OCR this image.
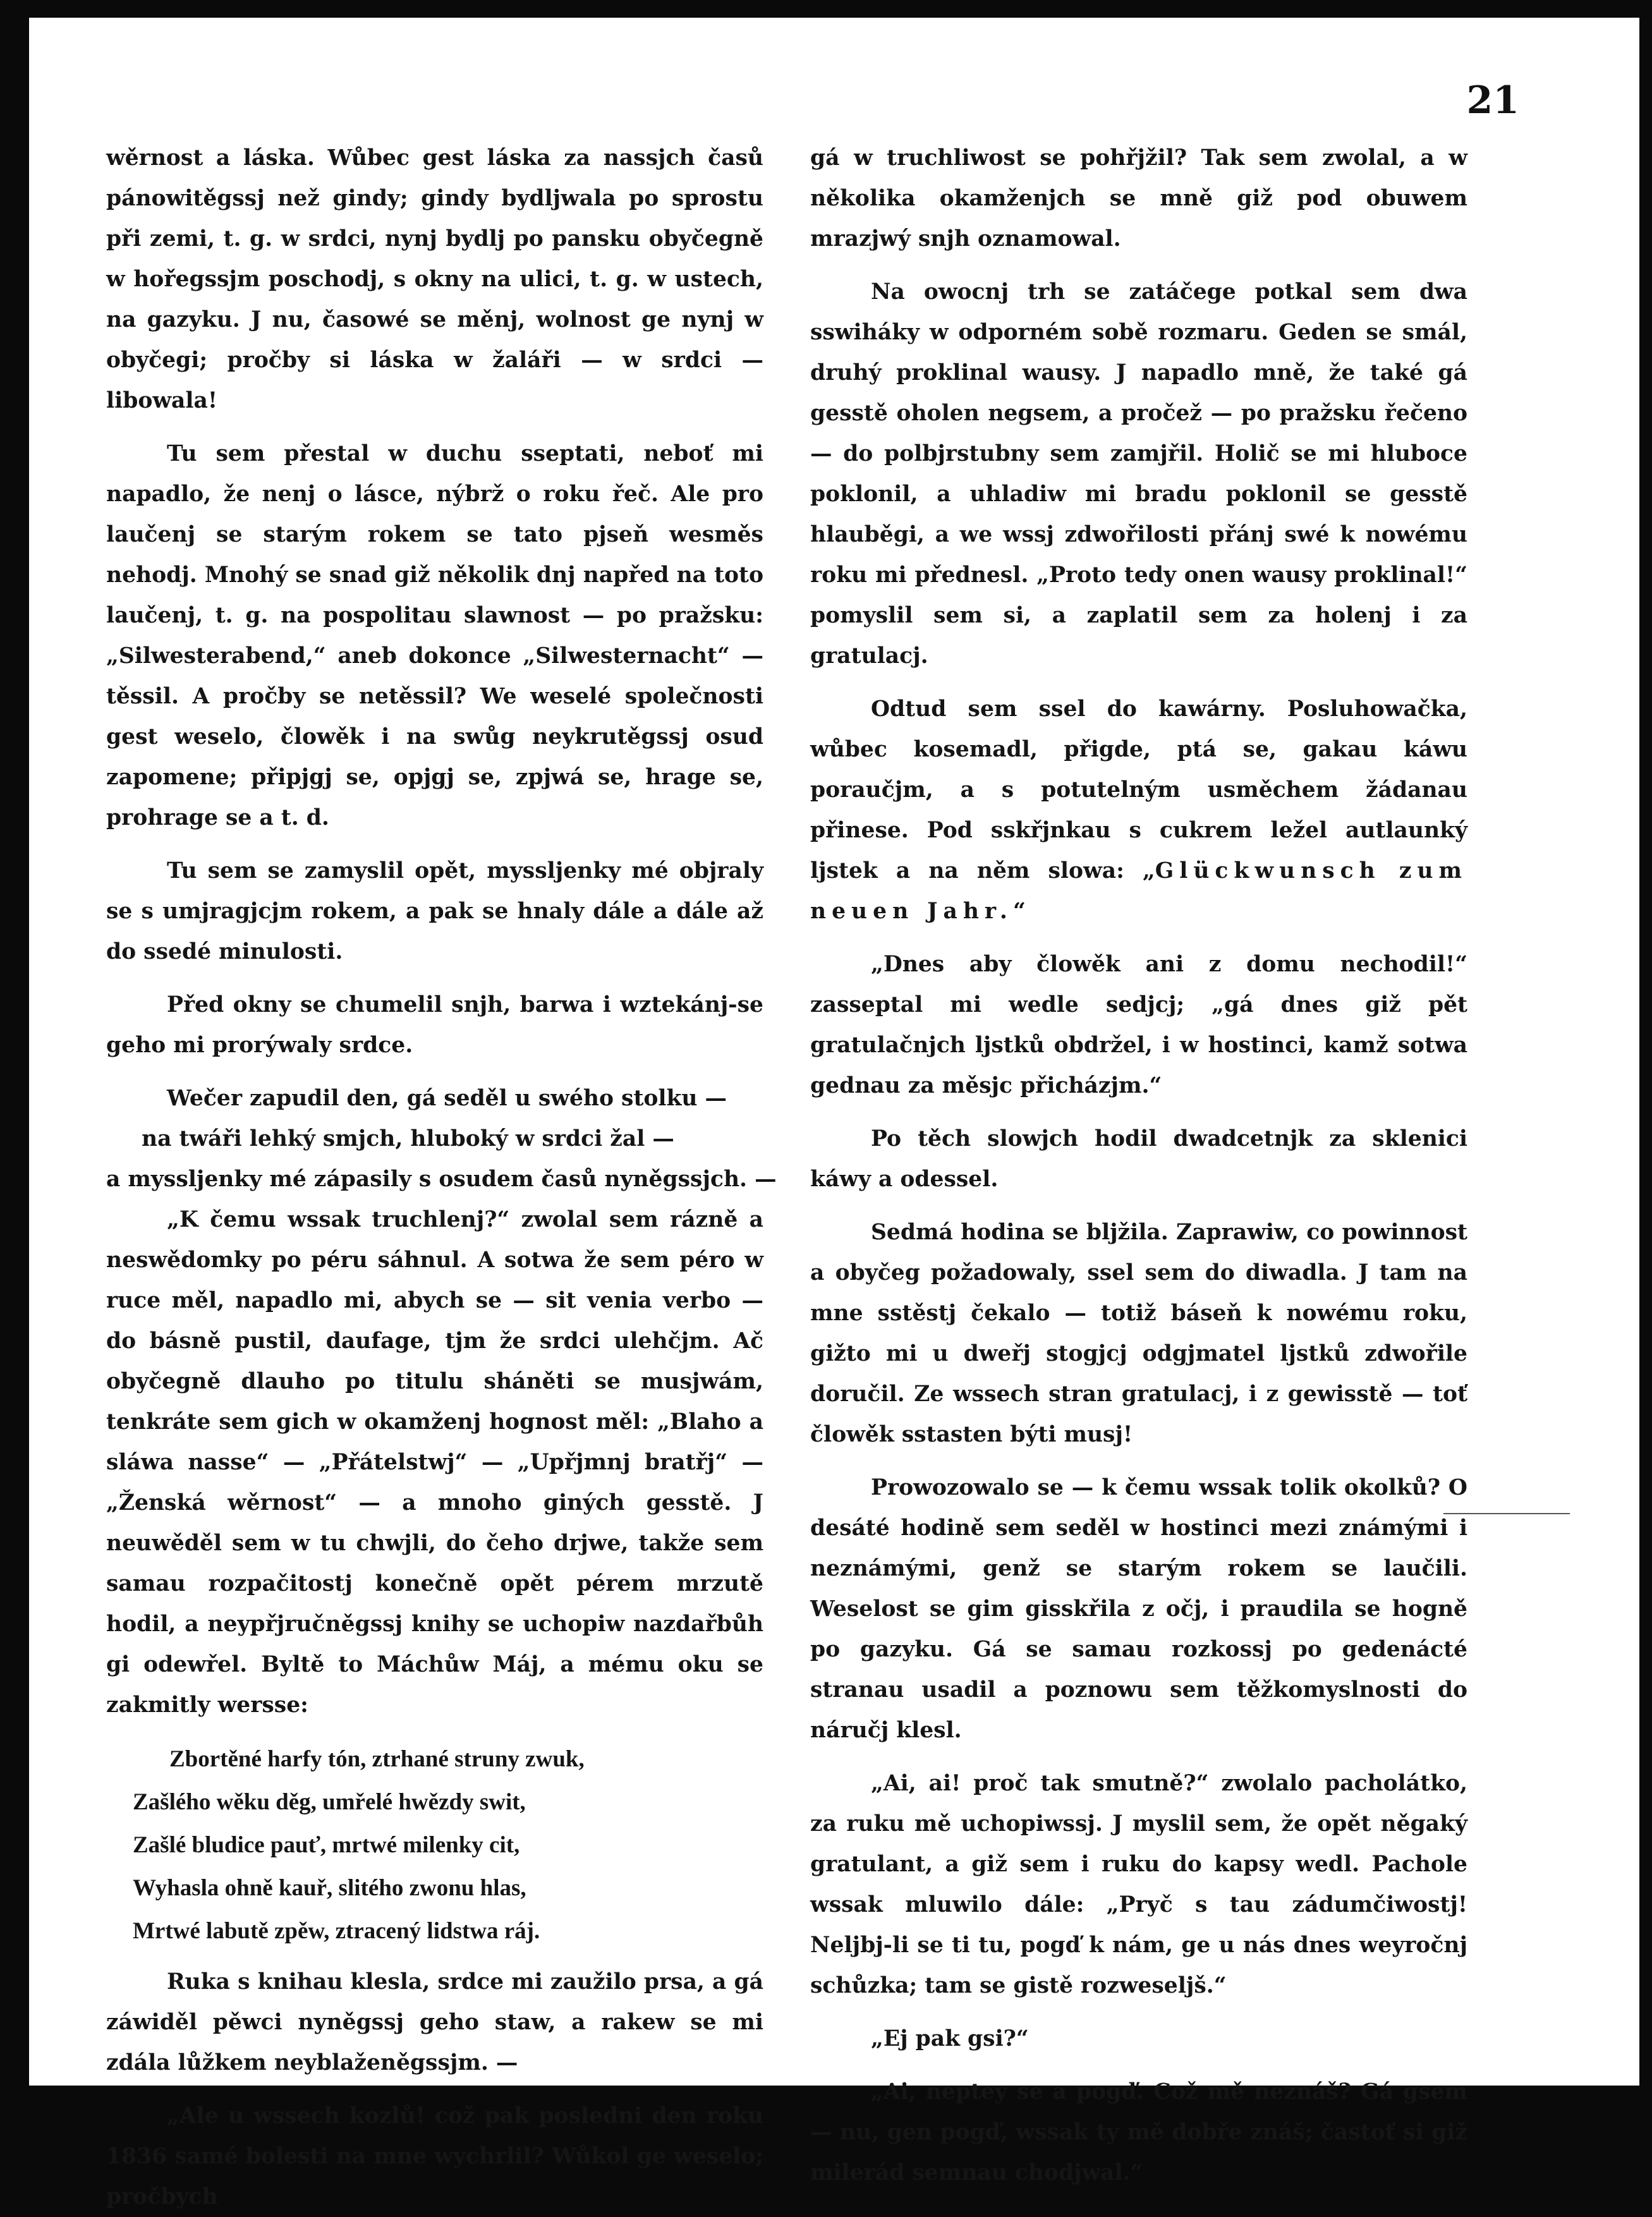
21

wěrnost a láska. Wůbec gest láska za nassjch časů pánowitěgssj než gindy; gindy bydljwala po sprostu při zemi, t. g. w srdci, nynj bydlj po pansku obyčegně w hořegssjm poschodj, s okny na ulici, t. g. w ustech, na gazyku. J nu, časowé se měnj, wolnost ge nynj w obyčegi; pročby si láska w žaláři — w srdci — libowala!

Tu sem přestal w duchu sseptati, neboť mi napadlo, že nenj o lásce, nýbrž o roku řeč. Ale pro laučenj se starým rokem se tato pjseň wesměs nehodj. Mnohý se snad giž několik dnj napřed na toto laučenj, t. g. na pospolitau slawnost — po pražsku: „Silwesterabend,“ aneb dokonce „Silwesternacht“ — těssil. A pročby se netěssil? We weselé společnosti gest weselo, člowěk i na swůg neykrutěgssj osud zapomene; připjgj se, opjgj se, zpjwá se, hrage se, prohrage se a t. d.

Tu sem se zamyslil opět, myssljenky mé objraly se s umjragjcjm rokem, a pak se hnaly dále a dále až do ssedé minulosti.

Před okny se chumelil snjh, barwa i wztekánj-se geho mi prorýwaly srdce.

Wečer zapudil den, gá seděl u swého stolku —
na twáři lehký smjch, hluboký w srdci žal —
a myssljenky mé zápasily s osudem časů nyněgssjch. —

„K čemu wssak truchlenj?“ zwolal sem rázně a neswědomky po péru sáhnul. A sotwa že sem péro w ruce měl, napadlo mi, abych se — sit venia verbo — do básně pustil, daufage, tjm že srdci ulehčjm. Ač obyčegně dlauho po titulu sháněti se musjwám, tenkráte sem gich w okamženj hognost měl: „Blaho a sláwa nasse“ — „Přátelstwj“ — „Upřjmnj bratřj“ — „Ženská wěrnost“ — a mnoho giných gesstě. J neuwěděl sem w tu chwjli, do čeho drjwe, takže sem samau rozpačitostj konečně opět pérem mrzutě hodil, a neypřjručněgssj knihy se uchopiw nazdařbůh gi odewřel. Byltě to Máchůw Máj, a mému oku se zakmitly wersse:

Zbortěné harfy tón, ztrhané struny zwuk,
Zašlého wěku děg, umřelé hwězdy swit,
Zašlé bludice pauť, mrtwé milenky cit,
Wyhasla ohně kauř, slitého zwonu hlas,
Mrtwé labutě zpěw, ztracený lidstwa ráj.

Ruka s knihau klesla, srdce mi zaužilo prsa, a gá záwiděl pěwci nyněgssj geho staw, a rakew se mi zdála lůžkem neyblaženěgssjm. —

„Ale u wssech kozlů! což pak posledni den roku 1836 samé bolesti na mne wychrlil? Wůkol ge weselo; pročbych

gá w truchliwost se pohřjžil? Tak sem zwolal, a w několika okamženjch se mně giž pod obuwem mrazjwý snjh oznamowal.

Na owocnj trh se zatáčege potkal sem dwa sswiháky w odporném sobě rozmaru. Geden se smál, druhý proklinal wausy. J napadlo mně, že také gá gesstě oholen negsem, a pročež — po pražsku řečeno — do polbjrstubny sem zamjřil. Holič se mi hluboce poklonil, a uhladiw mi bradu poklonil se gesstě hlauběgi, a we wssj zdwořilosti přánj swé k nowému roku mi přednesl. „Proto tedy onen wausy proklinal!“ pomyslil sem si, a zaplatil sem za holenj i za gratulacj.

Odtud sem ssel do kawárny. Posluhowačka, wůbec kosemadl, přigde, ptá se, gakau káwu poraučjm, a s potutelným usměchem žádanau přinese. Pod sskřjnkau s cukrem ležel autlaunký ljstek a na něm slowa: „Glückwunsch zum neuen Jahr.“

„Dnes aby člowěk ani z domu nechodil!“ zasseptal mi wedle sedjcj; „gá dnes giž pět gratulačnjch ljstků obdržel, i w hostinci, kamž sotwa gednau za měsjc přicházjm.“

Po těch slowjch hodil dwadcetnjk za sklenici káwy a odessel.

Sedmá hodina se bljžila. Zaprawiw, co powinnost a obyčeg požadowaly, ssel sem do diwadla. J tam na mne sstěstj čekalo — totiž báseň k nowému roku, gižto mi u dweřj stogjcj odgjmatel ljstků zdwořile doručil. Ze wssech stran gratulacj, i z gewisstě — toť člowěk sstasten býti musj!

Prowozowalo se — k čemu wssak tolik okolků? O desáté hodině sem seděl w hostinci mezi známými i neznámými, genž se starým rokem se laučili. Weselost se gim gisskřila z očj, i praudila se hogně po gazyku. Gá se samau rozkossj po gedenácté stranau usadil a poznowu sem těžkomyslnosti do náručj klesl.

„Ai, ai! proč tak smutně?“ zwolalo pacholátko, za ruku mě uchopiwssj. J myslil sem, že opět něgaký gratulant, a giž sem i ruku do kapsy wedl. Pachole wssak mluwilo dále: „Pryč s tau zádumčiwostj! Neljbj-li se ti tu, pogď k nám, ge u nás dnes weyročnj schůzka; tam se gistě rozweseljš.“

„Ej pak gsi?“

„Ai, neptey se a pogď. Což mě neznáš? Gá gsem — nu, gen pogď, wssak ty mě dobře znáš; častoť si giž milerád semnau chodjwal.“
